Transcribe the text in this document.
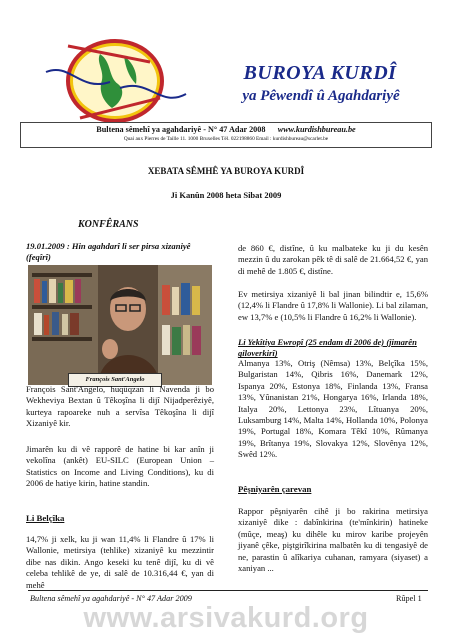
BUROYA KURDÎ
ya Pêwendî û Agahdariyê
Bultena sêmehî ya agahdariyê - N° 47 Adar 2008 www.kurdishbureau.be
Quai aux Pierres de Taille 11. 1000 Bruxelles Tél. 022198860 Email : kurdishbureau@scarlet.be
XEBATA SÊMHÊ YA BUROYA KURDÎ
Ji Kanûn 2008 heta Sibat 2009
KONFÊRANS
19.01.2009 : Hin agahdarî li ser pirsa xizaniyê (feqîrî)
François Sant'Angelo
François Sant'Angelo, huqûqzan li Navenda ji bo Wekheviya Bextan û Têkoşîna li dijî Nijadperêziyê, kurteya rapoareke nuh a servîsa Têkoşîna li dijî Xizaniyê kir.
Jimarên ku di vê rapporê de hatine bi kar anîn ji vekolîna (ankêt) EU-SILC (European Union – Statistics on Income and Living Conditions), ku di 2006 de hatiye kirin, hatine standin.
Li Belçîka
14,7% ji xelk, ku ji wan 11,4% li Flandre û 17% li Wallonie, metirsiya (tehlike) xizaniyê ku mezzintir dibe nas dikin. Ango keseki ku tenê dijî, ku di vê celeba tehlikê de ye, di salê de 10.316,44 €, yan di mehê
de 860 €, distîne, û ku malbateke ku ji du kesên mezzin û du zarokan pêk tê di salê de 21.664,52 €, yan di mehê de 1.805 €, distîne.
Ev metirsiya xizaniyê li bal jinan bilindtir e, 15,6% (12,4% li Flandre û 17,8% li Wallonie). Li bal zilaman, ew 13,7% e (10,5% li Flandre û 16,2% li Wallonie).
Li Yekîtiya Ewropî (25 endam di 2006 de) (jimarên giloverkirî)
Almanya 13%, Otriş (Nêmsa) 13%, Belçîka 15%, Bulgaristan 14%, Qibris 16%, Danemark 12%, Ispanya 20%, Estonya 18%, Finlanda 13%, Fransa 13%, Yûnanistan 21%, Hongarya 16%, Irlanda 18%, Italya 20%, Lettonya 23%, Lîtuanya 20%, Luksamburg 14%, Malta 14%, Hollanda 10%, Polonya 19%, Portugal 18%, Komara Têkî 10%, Rûmanya 19%, Brîtanya 19%, Slovakya 12%, Slovênya 12%, Swêd 12%.
Pêşniyarên çarevan
Rappor pêşniyarên cihê ji bo rakirina metirsiya xizaniyê dike : dabînkirina (te'mînkirin) hatineke (mûçe, meaş) ku dihêle ku mirov karibe projeyên jiyanê çêke, piştgirîkirina malbatên ku di tengasiyê de ne, parastin û alîkariya cuhanan, ramyara (siyaset) a xaniyan ...
Bultena sêmehî ya agahdariyê - N° 47 Adar 2009	Rûpel 1
www.arsivakurd.org
